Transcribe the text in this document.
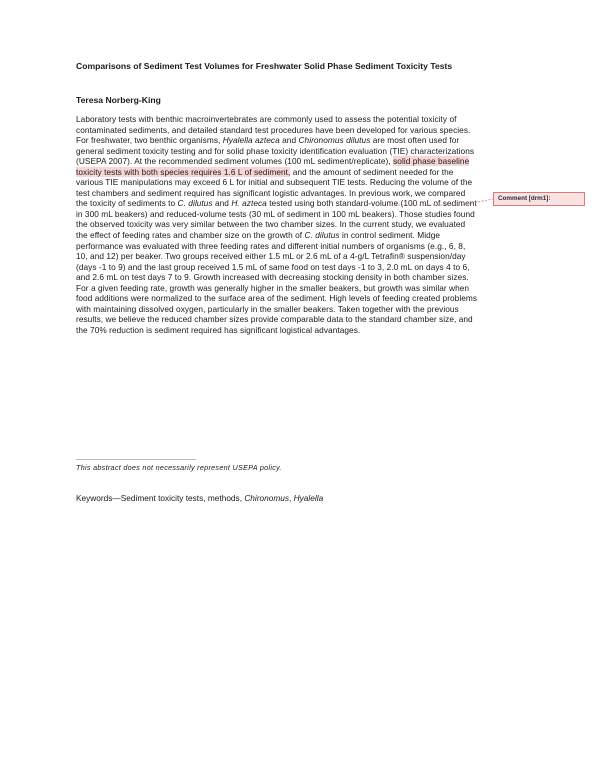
Comparisons of Sediment Test Volumes for Freshwater Solid Phase Sediment Toxicity Tests
Teresa Norberg-King

Laboratory tests with benthic macroinvertebrates are commonly used to assess the potential toxicity of contaminated sediments, and detailed standard test procedures have been developed for various species. For freshwater, two benthic organisms, Hyalella azteca and Chironomus dilutus are most often used for general sediment toxicity testing and for solid phase toxicity identification evaluation (TIE) characterizations (USEPA 2007). At the recommended sediment volumes (100 mL sediment/replicate), solid phase baseline toxicity tests with both species requires 1.6 L of sediment, and the amount of sediment needed for the various TIE manipulations may exceed 6 L for initial and subsequent TIE tests. Reducing the volume of the test chambers and sediment required has significant logistic advantages. In previous work, we compared the toxicity of sediments to C. dilutus and H. azteca tested using both standard-volume (100 mL of sediment in 300 mL beakers) and reduced-volume tests (30 mL of sediment in 100 mL beakers). Those studies found the observed toxicity was very similar between the two chamber sizes. In the current study, we evaluated the effect of feeding rates and chamber size on the growth of C. dilutus in control sediment. Midge performance was evaluated with three feeding rates and different initial numbers of organisms (e.g., 6, 8, 10, and 12) per beaker. Two groups received either 1.5 mL or 2.6 mL of a 4-g/L Tetrafin® suspension/day (days -1 to 9) and the last group received 1.5 mL of same food on test days -1 to 3, 2.0 mL on days 4 to 6, and 2.6 mL on test days 7 to 9. Growth increased with decreasing stocking density in both chamber sizes. For a given feeding rate, growth was generally higher in the smaller beakers, but growth was similar when food additions were normalized to the surface area of the sediment. High levels of feeding created problems with maintaining dissolved oxygen, particularly in the smaller beakers. Taken together with the previous results, we believe the reduced chamber sizes provide comparable data to the standard chamber size, and the 70% reduction is sediment required has significant logistical advantages.

This abstract does not necessarily represent USEPA policy.
Keywords—Sediment toxicity tests, methods, Chironomus, Hyalella
Comment [drm1]:
